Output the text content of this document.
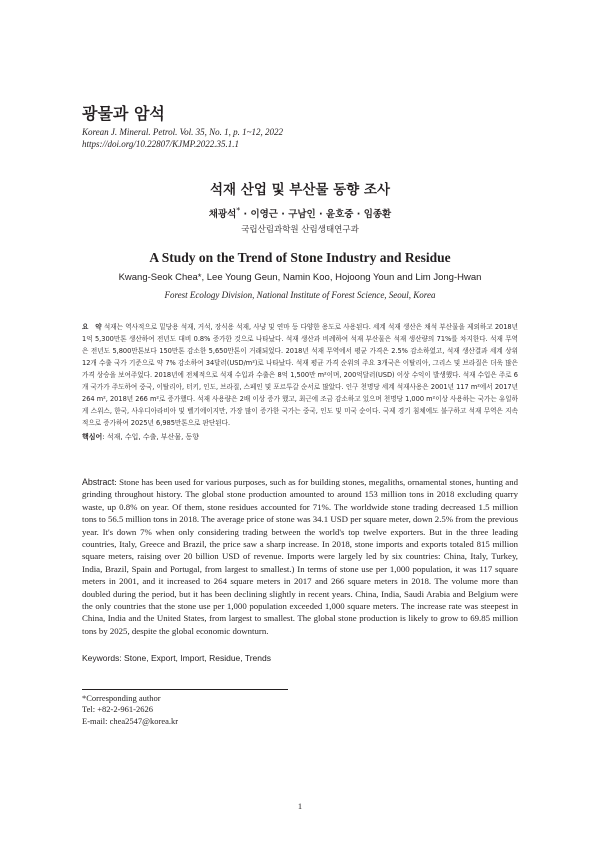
광물과 암석
Korean J. Mineral. Petrol. Vol. 35, No. 1, p. 1~12, 2022
https://doi.org/10.22807/KJMP.2022.35.1.1
석재 산업 및 부산물 동향 조사
채광석* · 이영근 · 구남인 · 윤호중 · 임종환
국립산림과학원 산림생태연구과
A Study on the Trend of Stone Industry and Residue
Kwang-Seok Chea*, Lee Young Geun, Namin Koo, Hojoong Youn and Lim Jong-Hwan
Forest Ecology Division, National Institute of Forest Science, Seoul, Korea
요　약 석재는 역사적으로 밑당용 석재, 거석, 장식용 석재, 사냥 및 연마 등 다양한 용도로 사용된다. 세계 석재 생산은 채석 부산물을 제외하고 2018년 1억 5,300만톤 생산하여 전년도 대비 0.8% 증가한 것으로 나타났다. 석재 생산과 비례하여 석재 부산물은 석재 생산량의 71%를 차지한다. 석재 무역은 전년도 5,800만톤보다 150만톤 감소한 5,650만톤이 거래되었다. 2018년 석재 무역에서 평균 가격은 2.5% 감소하였고, 석재 생산결과 세계 상위 12개 수출 국가 기준으로 약 7% 감소하여 34달러(USD/m²)로 나타났다. 석재 평균 가격 순위의 주요 3개국은 이탈리아, 그리스 및 브라질은 더욱 많은 가격 상승을 보여주었다. 2018년에 전체적으로 석재 수입과 수출은 8억 1,500만 m²이며, 200억달러(USD) 이상 수익이 발생했다. 석재 수입은 주로 6개 국가가 주도하여 중국, 이탈리아, 터키, 인도, 브라질, 스페인 및 포르투갈 순서로 많았다. 인구 천명당 세계 석재사용은 2001년 117 m²에서 2017년 264 m², 2018년 266 m²로 증가했다. 석재 사용량은 2배 이상 증가 했고, 최근에 조금 감소하고 있으며 천명당 1,000 m²이상 사용하는 국가는 유일하게 스위스, 한국, 사우디아라비아 및 벨기에이지만, 가장 많이 증가한 국가는 중국, 인도 및 미국 순이다. 국제 경기 침체에도 불구하고 석재 무역은 지속적으로 증가하여 2025년 6,985만톤으로 판단된다.
핵심어: 석재, 수입, 수출, 부산물, 동향
Abstract: Stone has been used for various purposes, such as for building stones, megaliths, ornamental stones, hunting and grinding throughout history. The global stone production amounted to around 153 million tons in 2018 excluding quarry waste, up 0.8% on year. Of them, stone residues accounted for 71%. The worldwide stone trading decreased 1.5 million tons to 56.5 million tons in 2018. The average price of stone was 34.1 USD per square meter, down 2.5% from the previous year. It's down 7% when only considering trading between the world's top twelve exporters. But in the three leading countries, Italy, Greece and Brazil, the price saw a sharp increase. In 2018, stone imports and exports totaled 815 million square meters, raising over 20 billion USD of revenue. Imports were largely led by six countries: China, Italy, Turkey, India, Brazil, Spain and Portugal, from largest to smallest.) In terms of stone use per 1,000 population, it was 117 square meters in 2001, and it increased to 264 square meters in 2017 and 266 square meters in 2018. The volume more than doubled during the period, but it has been declining slightly in recent years. China, India, Saudi Arabia and Belgium were the only countries that the stone use per 1,000 population exceeded 1,000 square meters. The increase rate was steepest in China, India and the United States, from largest to smallest. The global stone production is likely to grow to 69.85 million tons by 2025, despite the global economic downturn.
Keywords: Stone, Export, Import, Residue, Trends
*Corresponding author
Tel: +82-2-961-2626
E-mail: chea2547@korea.kr
1
